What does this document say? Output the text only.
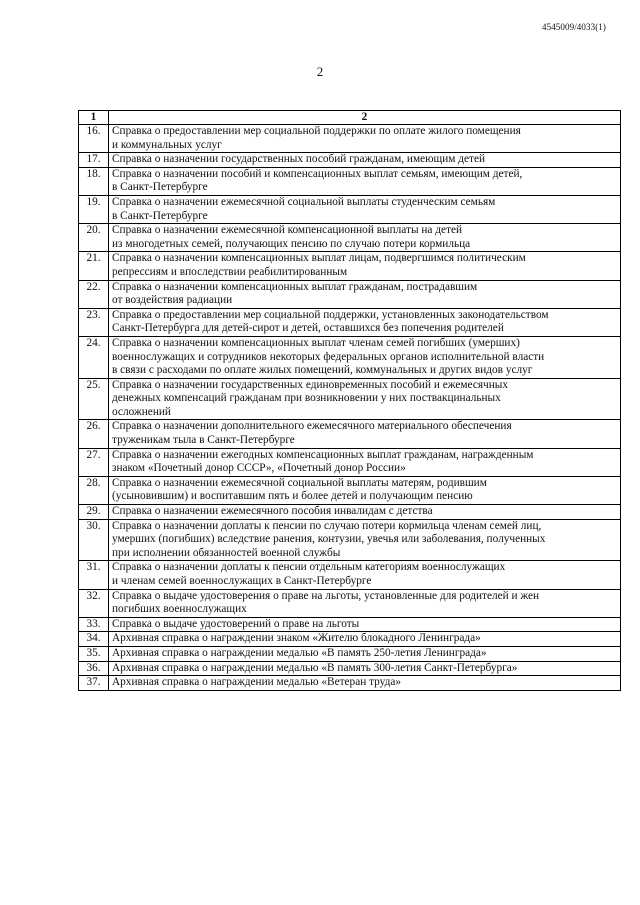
4545009/4033(1)
2
1	2
16.	Справка о предоставлении мер социальной поддержки по оплате жилого помещения
и коммунальных услуг
17.	Справка о назначении государственных пособий гражданам, имеющим детей
18.	Справка о назначении пособий и компенсационных выплат семьям, имеющим детей,
в Санкт-Петербурге
19.	Справка о назначении ежемесячной социальной выплаты студенческим семьям
в Санкт-Петербурге
20.	Справка о назначении ежемесячной компенсационной выплаты на детей
из многодетных семей, получающих пенсию по случаю потери кормильца
21.	Справка о назначении компенсационных выплат лицам, подвергшимся политическим
репрессиям и впоследствии реабилитированным
22.	Справка о назначении компенсационных выплат гражданам, пострадавшим
от воздействия радиации
23.	Справка о предоставлении мер социальной поддержки, установленных законодательством
Санкт-Петербурга для детей-сирот и детей, оставшихся без попечения родителей
24.	Справка о назначении компенсационных выплат членам семей погибших (умерших)
военнослужащих и сотрудников некоторых федеральных органов исполнительной власти
в связи с расходами по оплате жилых помещений, коммунальных и других видов услуг
25.	Справка о назначении государственных единовременных пособий и ежемесячных
денежных компенсаций гражданам при возникновении у них поствакцинальных
осложнений
26.	Справка о назначении дополнительного ежемесячного материального обеспечения
труженикам тыла в Санкт-Петербурге
27.	Справка о назначении ежегодных компенсационных выплат гражданам, награжденным
знаком «Почетный донор СССР», «Почетный донор России»
28.	Справка о назначении ежемесячной социальной выплаты матерям, родившим
(усыновившим) и воспитавшим пять и более детей и получающим пенсию
29.	Справка о назначении ежемесячного пособия инвалидам с детства
30.	Справка о назначении доплаты к пенсии по случаю потери кормильца членам семей лиц,
умерших (погибших) вследствие ранения, контузии, увечья или заболевания, полученных
при исполнении обязанностей военной службы
31.	Справка о назначении доплаты к пенсии отдельным категориям военнослужащих
и членам семей военнослужащих в Санкт-Петербурге
32.	Справка о выдаче удостоверения о праве на льготы, установленные для родителей и жен
погибших военнослужащих
33.	Справка о выдаче удостоверений о праве на льготы
34.	Архивная справка о награждении знаком «Жителю блокадного Ленинграда»
35.	Архивная справка о награждении медалью «В память 250-летия Ленинграда»
36.	Архивная справка о награждении медалью «В память 300-летия Санкт-Петербурга»
37.	Архивная справка о награждении медалью «Ветеран труда»
